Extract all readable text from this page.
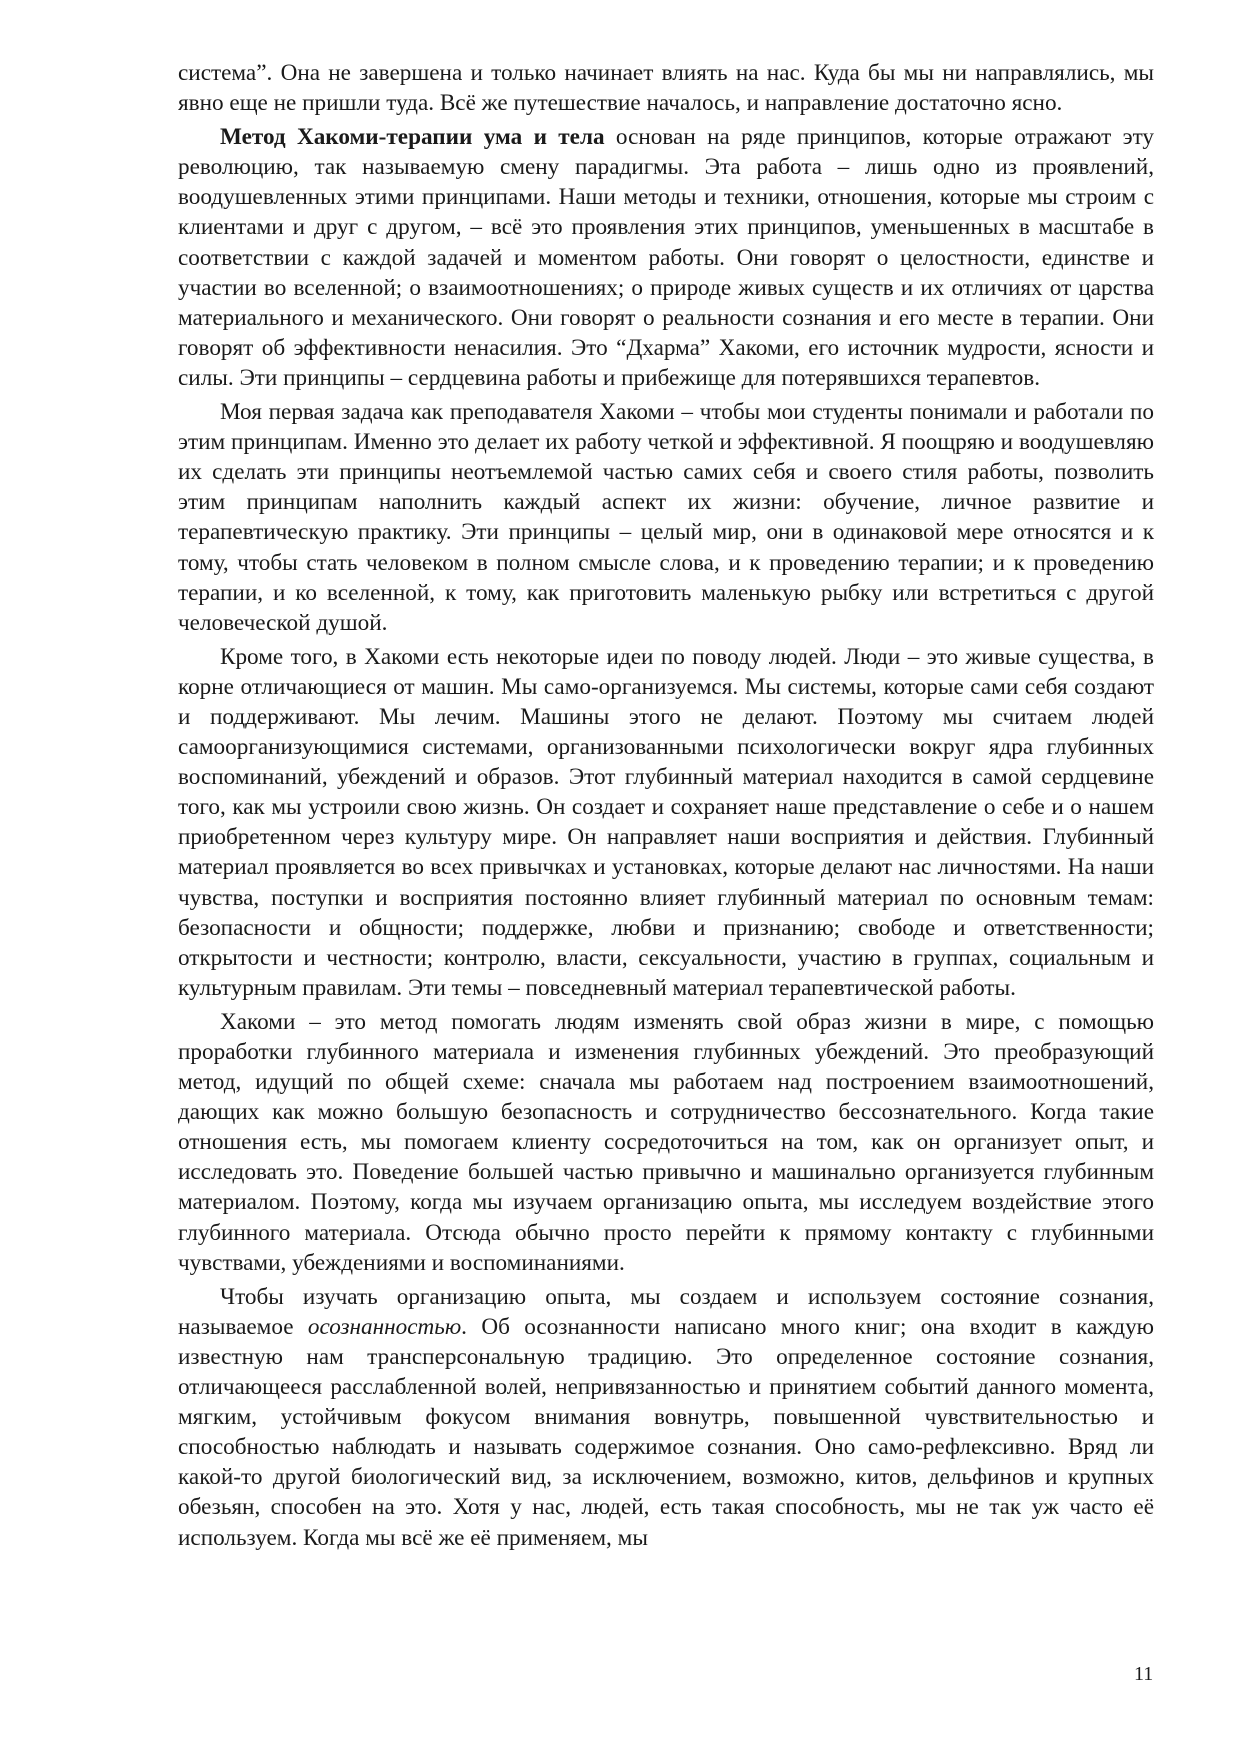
система”. Она не завершена и только начинает влиять на нас. Куда бы мы ни направлялись, мы явно еще не пришли туда. Всё же путешествие началось, и направление достаточно ясно.

Метод Хакоми-терапии ума и тела основан на ряде принципов, которые отражают эту революцию, так называемую смену парадигмы. Эта работа – лишь одно из проявлений, воодушевленных этими принципами. Наши методы и техники, отношения, которые мы строим с клиентами и друг с другом, – всё это проявления этих принципов, уменьшенных в масштабе в соответствии с каждой задачей и моментом работы. Они говорят о целостности, единстве и участии во вселенной; о взаимоотношениях; о природе живых существ и их отличиях от царства материального и механического. Они говорят о реальности сознания и его месте в терапии. Они говорят об эффективности ненасилия. Это “Дхарма” Хакоми, его источник мудрости, ясности и силы. Эти принципы – сердцевина работы и прибежище для потерявшихся терапевтов.

Моя первая задача как преподавателя Хакоми – чтобы мои студенты понимали и работали по этим принципам. Именно это делает их работу четкой и эффективной. Я поощряю и воодушевляю их сделать эти принципы неотъемлемой частью самих себя и своего стиля работы, позволить этим принципам наполнить каждый аспект их жизни: обучение, личное развитие и терапевтическую практику. Эти принципы – целый мир, они в одинаковой мере относятся и к тому, чтобы стать человеком в полном смысле слова, и к проведению терапии; и к проведению терапии, и ко вселенной, к тому, как приготовить маленькую рыбку или встретиться с другой человеческой душой.

Кроме того, в Хакоми есть некоторые идеи по поводу людей. Люди – это живые существа, в корне отличающиеся от машин. Мы само-организуемся. Мы системы, которые сами себя создают и поддерживают. Мы лечим. Машины этого не делают. Поэтому мы считаем людей самоорганизующимися системами, организованными психологически вокруг ядра глубинных воспоминаний, убеждений и образов. Этот глубинный материал находится в самой сердцевине того, как мы устроили свою жизнь. Он создает и сохраняет наше представление о себе и о нашем приобретенном через культуру мире. Он направляет наши восприятия и действия. Глубинный материал проявляется во всех привычках и установках, которые делают нас личностями. На наши чувства, поступки и восприятия постоянно влияет глубинный материал по основным темам: безопасности и общности; поддержке, любви и признанию; свободе и ответственности; открытости и честности; контролю, власти, сексуальности, участию в группах, социальным и культурным правилам. Эти темы – повседневный материал терапевтической работы.

Хакоми – это метод помогать людям изменять свой образ жизни в мире, с помощью проработки глубинного материала и изменения глубинных убеждений. Это преобразующий метод, идущий по общей схеме: сначала мы работаем над построением взаимоотношений, дающих как можно большую безопасность и сотрудничество бессознательного. Когда такие отношения есть, мы помогаем клиенту сосредоточиться на том, как он организует опыт, и исследовать это. Поведение большей частью привычно и машинально организуется глубинным материалом. Поэтому, когда мы изучаем организацию опыта, мы исследуем воздействие этого глубинного материала. Отсюда обычно просто перейти к прямому контакту с глубинными чувствами, убеждениями и воспоминаниями.

Чтобы изучать организацию опыта, мы создаем и используем состояние сознания, называемое осознанностью. Об осознанности написано много книг; она входит в каждую известную нам трансперсональную традицию. Это определенное состояние сознания, отличающееся расслабленной волей, непривязанностью и принятием событий данного момента, мягким, устойчивым фокусом внимания вовнутрь, повышенной чувствительностью и способностью наблюдать и называть содержимое сознания. Оно само-рефлексивно. Вряд ли какой-то другой биологический вид, за исключением, возможно, китов, дельфинов и крупных обезьян, способен на это. Хотя у нас, людей, есть такая способность, мы не так уж часто её используем. Когда мы всё же её применяем, мы

11
